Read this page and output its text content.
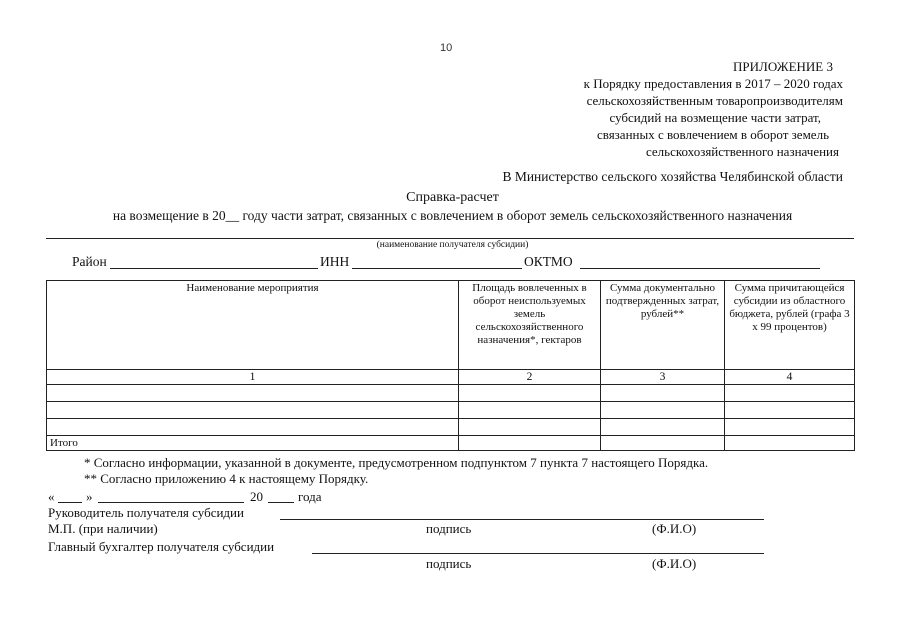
10
ПРИЛОЖЕНИЕ 3
к Порядку предоставления в 2017 – 2020 годах
сельскохозяйственным товаропроизводителям
субсидий на возмещение части затрат,
связанных с вовлечением в оборот земель
сельскохозяйственного назначения
В Министерство сельского хозяйства Челябинской области
Справка-расчет
на возмещение в 20__ году части затрат, связанных с вовлечением в оборот земель сельскохозяйственного назначения
(наименование получателя субсидии)
Район	ИНН	ОКТМО
Наименование мероприятия	Площадь вовлеченных в оборот неиспользуемых земель сельскохозяйственного назначения*, гектаров	Сумма документально подтвержденных затрат, рублей**	Сумма причитающейся субсидии из областного бюджета, рублей (графа 3 х 99 процентов)
1	2	3	4

Итого			
* Согласно информации, указанной в документе, предусмотренном подпунктом 7 пункта 7 настоящего Порядка.
** Согласно приложению 4 к настоящему Порядку.
« »	20	года
Руководитель получателя субсидии
М.П. (при наличии)	подпись	(Ф.И.О)
Главный бухгалтер получателя субсидии
подпись	(Ф.И.О)
